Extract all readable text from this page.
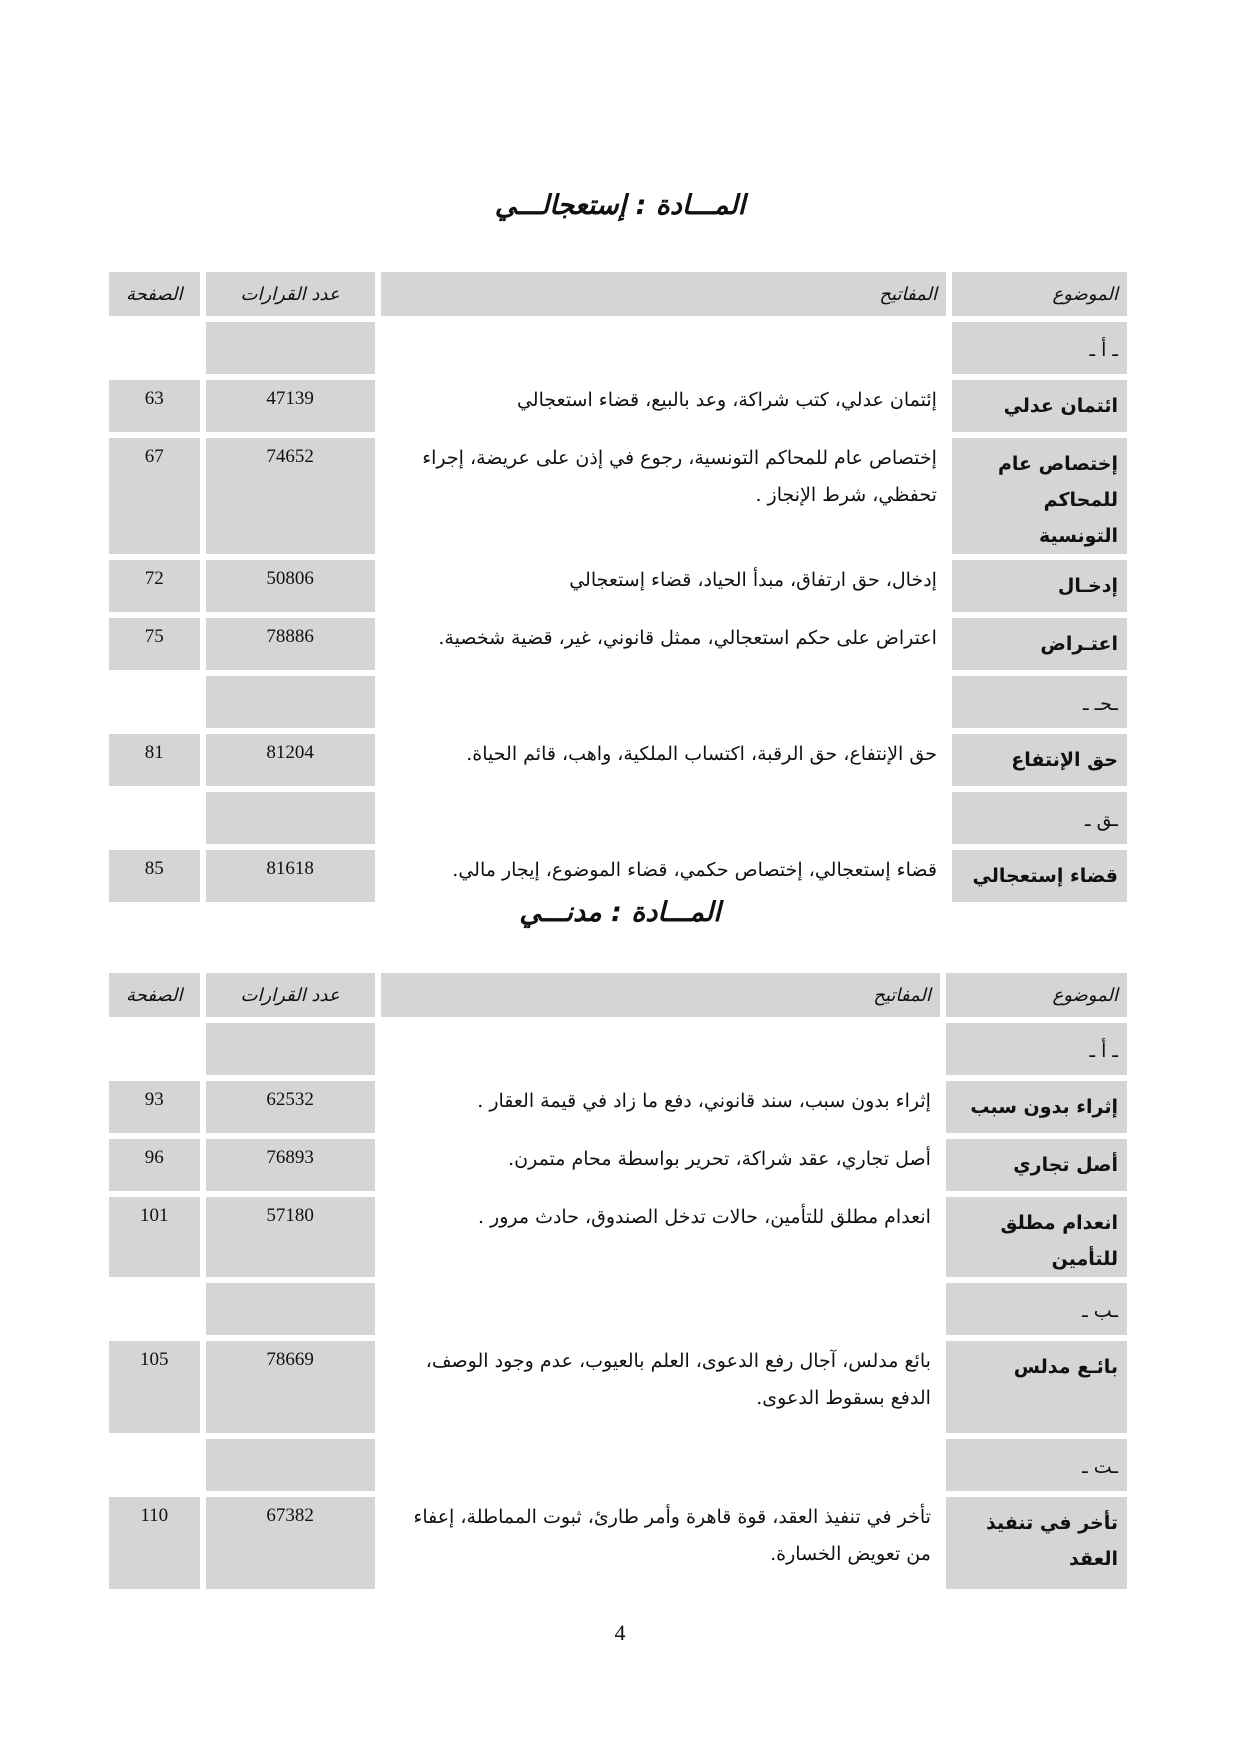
المـــادة : إستعجالـــي
الموضوع	المفاتيح	عدد القرارات	الصفحة
ـ أ ـ			
ائتمان عدلي	إئتمان عدلي، كتب شراكة، وعد بالبيع، قضاء استعجالي	47139	63
إختصاص عام للمحاكم التونسية	إختصاص عام للمحاكم التونسية، رجوع في إذن على عريضة، إجراء تحفظي، شرط الإنجاز .	74652	67
إدخـال	إدخال، حق ارتفاق، مبدأ الحياد، قضاء إستعجالي	50806	72
اعتـراض	اعتراض على حكم استعجالي، ممثل قانوني، غير، قضية شخصية.	78886	75
ـحـ ـ			
حق الإنتفاع	حق الإنتفاع، حق الرقبة، اكتساب الملكية، واهب، قائم الحياة.	81204	81
ـق ـ			
قضاء إستعجالي	قضاء إستعجالي، إختصاص حكمي، قضاء الموضوع، إيجار مالي.	81618	85
المـــادة : مدنـــي
الموضوع	المفاتيح	عدد القرارات	الصفحة
ـ أ ـ			
إثراء بدون سبب	إثراء بدون سبب، سند قانوني، دفع ما زاد في قيمة العقار .	62532	93
أصل تجاري	أصل تجاري، عقد شراكة، تحرير بواسطة محام متمرن.	76893	96
انعدام مطلق للتأمين	انعدام مطلق للتأمين، حالات تدخل الصندوق، حادث مرور .	57180	101
ـب ـ			
بائـع مدلس	بائع مدلس، آجال رفع الدعوى، العلم بالعيوب، عدم وجود الوصف، الدفع بسقوط الدعوى.	78669	105
ـت ـ			
تأخر في تنفيذ العقد	تأخر في تنفيذ العقد، قوة قاهرة وأمر طارئ، ثبوت المماطلة، إعفاء من تعويض الخسارة.	67382	110
4
